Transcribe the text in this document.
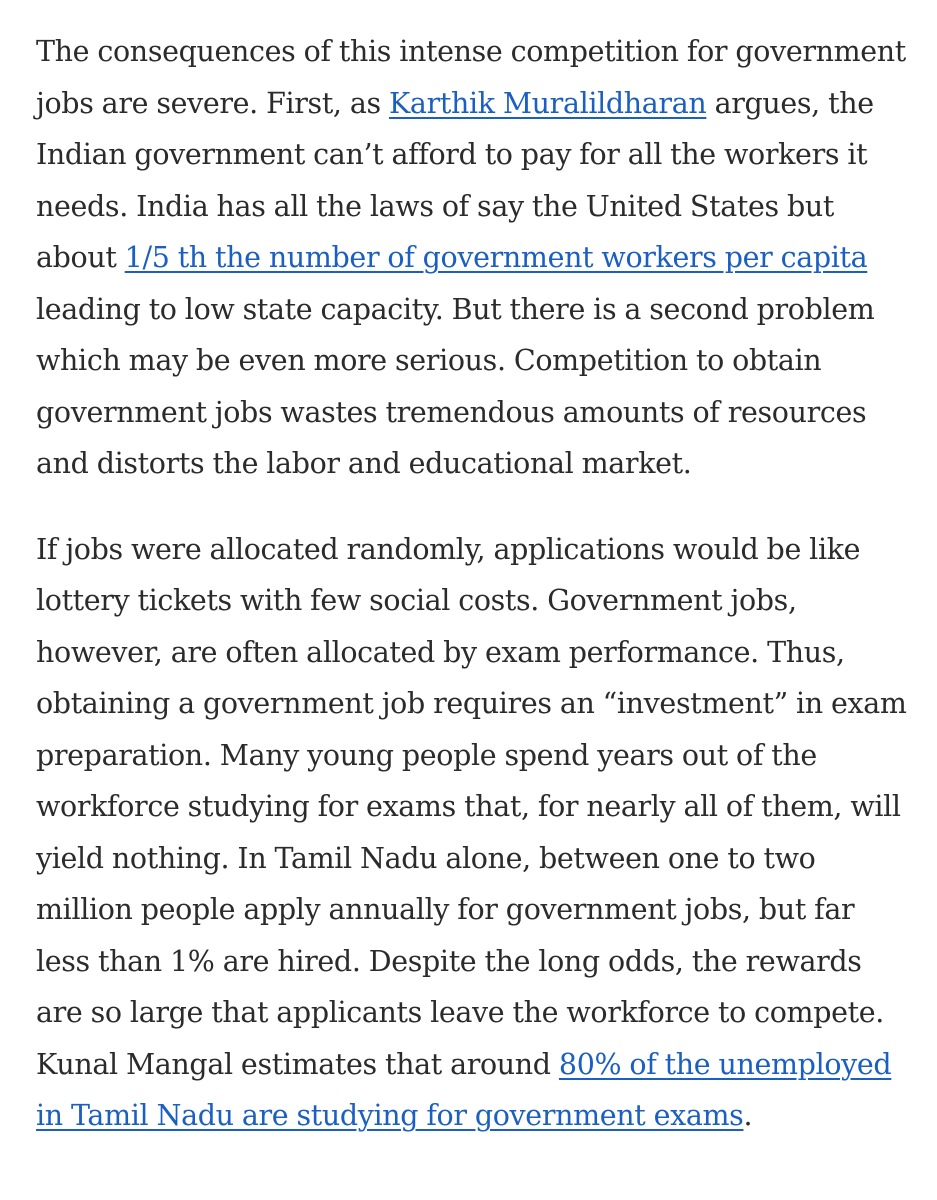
The consequences of this intense competition for government jobs are severe. First, as Karthik Muralildharan argues, the Indian government can’t afford to pay for all the workers it needs. India has all the laws of say the United States but about 1/5 th the number of government workers per capita leading to low state capacity. But there is a second problem which may be even more serious. Competition to obtain government jobs wastes tremendous amounts of resources and distorts the labor and educational market.

If jobs were allocated randomly, applications would be like lottery tickets with few social costs. Government jobs, however, are often allocated by exam performance. Thus, obtaining a government job requires an “investment” in exam preparation. Many young people spend years out of the workforce studying for exams that, for nearly all of them, will yield nothing. In Tamil Nadu alone, between one to two million people apply annually for government jobs, but far less than 1% are hired. Despite the long odds, the rewards are so large that applicants leave the workforce to compete. Kunal Mangal estimates that around 80% of the unemployed in Tamil Nadu are studying for government exams.
